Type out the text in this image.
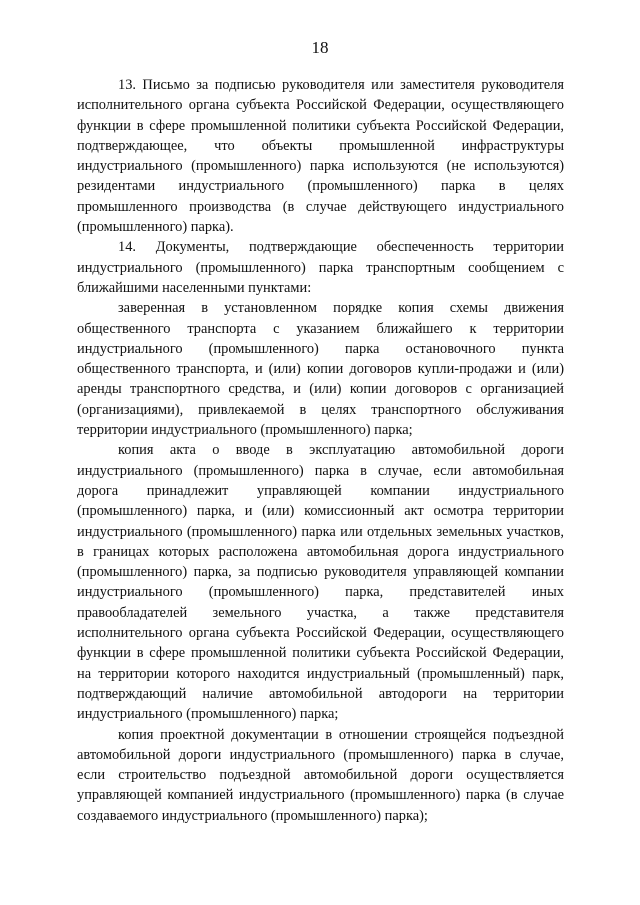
18

13. Письмо за подписью руководителя или заместителя руководителя исполнительного органа субъекта Российской Федерации, осуществляющего функции в сфере промышленной политики субъекта Российской Федерации, подтверждающее, что объекты промышленной инфраструктуры индустриального (промышленного) парка используются (не используются) резидентами индустриального (промышленного) парка в целях промышленного производства (в случае действующего индустриального (промышленного) парка).

14. Документы, подтверждающие обеспеченность территории индустриального (промышленного) парка транспортным сообщением с ближайшими населенными пунктами:

заверенная в установленном порядке копия схемы движения общественного транспорта с указанием ближайшего к территории индустриального (промышленного) парка остановочного пункта общественного транспорта, и (или) копии договоров купли-продажи и (или) аренды транспортного средства, и (или) копии договоров с организацией (организациями), привлекаемой в целях транспортного обслуживания территории индустриального (промышленного) парка;

копия акта о вводе в эксплуатацию автомобильной дороги индустриального (промышленного) парка в случае, если автомобильная дорога принадлежит управляющей компании индустриального (промышленного) парка, и (или) комиссионный акт осмотра территории индустриального (промышленного) парка или отдельных земельных участков, в границах которых расположена автомобильная дорога индустриального (промышленного) парка, за подписью руководителя управляющей компании индустриального (промышленного) парка, представителей иных правообладателей земельного участка, а также представителя исполнительного органа субъекта Российской Федерации, осуществляющего функции в сфере промышленной политики субъекта Российской Федерации, на территории которого находится индустриальный (промышленный) парк, подтверждающий наличие автомобильной автодороги на территории индустриального (промышленного) парка;

копия проектной документации в отношении строящейся подъездной автомобильной дороги индустриального (промышленного) парка в случае, если строительство подъездной автомобильной дороги осуществляется управляющей компанией индустриального (промышленного) парка (в случае создаваемого индустриального (промышленного) парка);
